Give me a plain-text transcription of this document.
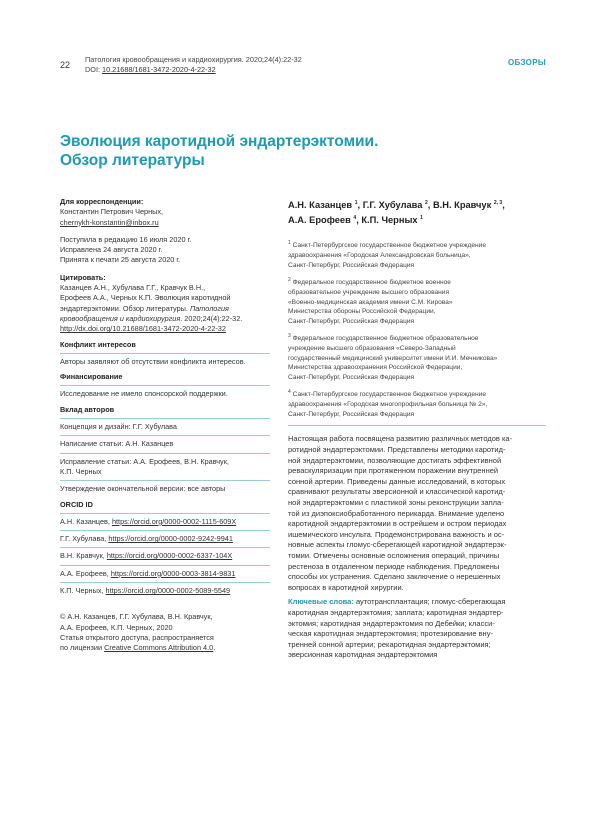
22
Патология кровообращения и кардиохирургия. 2020;24(4):22-32
DOI: 10.21688/1681-3472-2020-4-22-32
ОБЗОРЫ
Эволюция каротидной эндартерэктомии.
Обзор литературы
Для корреспонденции:
Константин Петрович Черных,
chernykh-konstantin@inbox.ru
Поступила в редакцию 16 июля 2020 г.
Исправлена 24 августа 2020 г.
Принята к печати 25 августа 2020 г.
Цитировать:
Казанцев А.Н., Хубулава Г.Г., Кравчук В.Н.,
Ерофеев А.А., Черных К.П. Эволюция каротидной
эндартерэктомии. Обзор литературы. Патология
кровообращения и кардиохирургия. 2020;24(4):22-32.
http://dx.doi.org/10.21688/1681-3472-2020-4-22-32
Конфликт интересов
Авторы заявляют об отсутствии конфликта интересов.
Финансирование
Исследование не имело спонсорской поддержки.
Вклад авторов
Концепция и дизайн: Г.Г. Хубулава
Написание статьи: А.Н. Казанцев
Исправление статьи: А.А. Ерофеев, В.Н. Кравчук,
К.П. Черных
Утверждение окончательной версии: все авторы
ORCID ID
А.Н. Казанцев, https://orcid.org/0000-0002-1115-609X
Г.Г. Хубулава, https://orcid.org/0000-0002-9242-9941
В.Н. Кравчук, https://orcid.org/0000-0002-6337-104X
А.А. Ерофеев, https://orcid.org/0000-0003-3814-9831
К.П. Черных, https://orcid.org/0000-0002-5089-5549
© А.Н. Казанцев, Г.Г. Хубулава, В.Н. Кравчук,
А.А. Ерофеев, К.П. Черных, 2020
Статья открытого доступа, распространяется
по лицензии Creative Commons Attribution 4.0.
А.Н. Казанцев $^1$, Г.Г. Хубулава $^2$, В.Н. Кравчук $^{2, 3}$,
А.А. Ерофеев $^4$, К.П. Черных $^1$
$^1$ Санкт-Петербургское государственное бюджетное учреждение
здравоохранения «Городская Александровская больница»,
Санкт-Петербург, Российская Федерация
$^2$ Федеральное государственное бюджетное военное
образовательное учреждение высшего образования
«Военно-медицинская академия имени С.М. Кирова»
Министерства обороны Российской Федерации,
Санкт-Петербург, Российская Федерация
$^3$ Федеральное государственное бюджетное образовательное
учреждение высшего образования «Северо-Западный
государственный медицинский университет имени И.И. Мечникова»
Министерства здравоохранения Российской Федерации,
Санкт-Петербург, Российская Федерация
$^4$ Санкт-Петербургское государственное бюджетное учреждение
здравоохранения «Городская многопрофильная больница № 2»,
Санкт-Петербург, Российская Федерация
Настоящая работа посвящена развитию различных методов ка-
ротидной эндартерэктомии. Представлены методики каротид-
ной эндартерэктомии, позволяющие достигать эффективной
реваскуляризации при протяженном поражении внутренней
сонной артерии. Приведены данные исследований, в которых
сравнивают результаты эверсионной и классической каротид-
ной эндартерэктомии с пластикой зоны реконструкции запла-
той из диэпоксиобработанного перикарда. Внимание уделено
каротидной эндартерэктомии в острейшем и остром периодах
ишемического инсульта. Продемонстрирована важность и ос-
новные аспекты гломус-сберегающей каротидной эндартерэк-
томии. Отмечены основные осложнения операций, причины
рестеноза в отдаленном периоде наблюдения. Предложены
способы их устранения. Сделано заключение о нерешенных
вопросах в каротидной хирургии.
Ключевые слова: аутотрансплантация; гломус-сберегающая
каротидная эндартерэктомия; заплата; каротидная эндартер-
эктомия; каротидная эндартерэктомия по Дебейки; класси-
ческая каротидная эндартерэктомия; протезирование вну-
тренней сонной артерии; рекаротидная эндартерэктомия;
эверсионная каротидная эндартерэктомия
